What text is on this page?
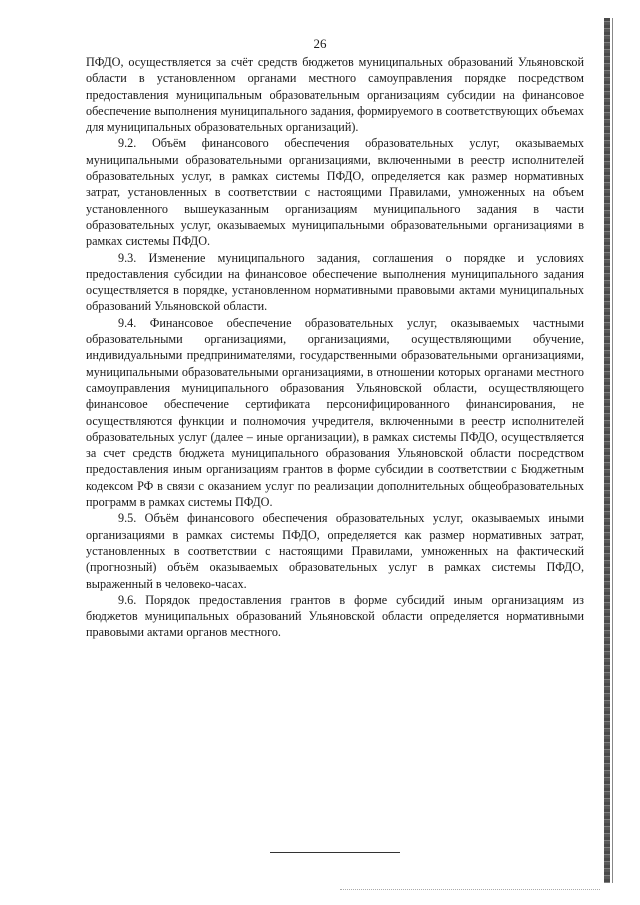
26

ПФДО, осуществляется за счёт средств бюджетов муниципальных образований Ульяновской области в установленном органами местного самоуправления порядке посредством предоставления муниципальным образовательным организациям субсидии на финансовое обеспечение выполнения муниципального задания, формируемого в соответствующих объемах для муниципальных образовательных организаций).

9.2. Объём финансового обеспечения образовательных услуг, оказываемых муниципальными образовательными организациями, включенными в реестр исполнителей образовательных услуг, в рамках системы ПФДО, определяется как размер нормативных затрат, установленных в соответствии с настоящими Правилами, умноженных на объем установленного вышеуказанным организациям муниципального задания в части образовательных услуг, оказываемых муниципальными образовательными организациями в рамках системы ПФДО.

9.3. Изменение муниципального задания, соглашения о порядке и условиях предоставления субсидии на финансовое обеспечение выполнения муниципального задания осуществляется в порядке, установленном нормативными правовыми актами муниципальных образований Ульяновской области.

9.4. Финансовое обеспечение образовательных услуг, оказываемых частными образовательными организациями, организациями, осуществляющими обучение, индивидуальными предпринимателями, государственными образовательными организациями, муниципальными образовательными организациями, в отношении которых органами местного самоуправления муниципального образования Ульяновской области, осуществляющего финансовое обеспечение сертификата персонифицированного финансирования, не осуществляются функции и полномочия учредителя, включенными в реестр исполнителей образовательных услуг (далее – иные организации), в рамках системы ПФДО, осуществляется за счет средств бюджета муниципального образования Ульяновской области посредством предоставления иным организациям грантов в форме субсидии в соответствии с Бюджетным кодексом РФ в связи с оказанием услуг по реализации дополнительных общеобразовательных программ в рамках системы ПФДО.

9.5. Объём финансового обеспечения образовательных услуг, оказываемых иными организациями в рамках системы ПФДО, определяется как размер нормативных затрат, установленных в соответствии с настоящими Правилами, умноженных на фактический (прогнозный) объём оказываемых образовательных услуг в рамках системы ПФДО, выраженный в человеко-часах.

9.6. Порядок предоставления грантов в форме субсидий иным организациям из бюджетов муниципальных образований Ульяновской области определяется нормативными правовыми актами органов местного.
